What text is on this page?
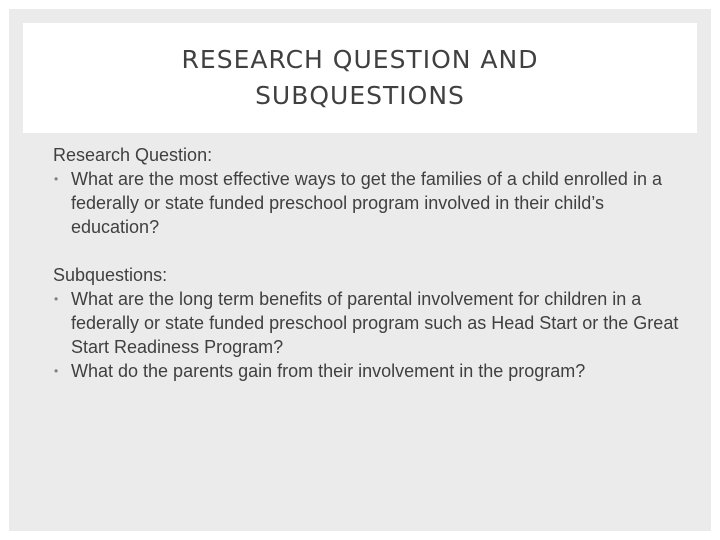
RESEARCH QUESTION AND SUBQUESTIONS

Research Question:

• What are the most effective ways to get the families of a child enrolled in a federally or state funded preschool program involved in their child’s education?

Subquestions:

• What are the long term benefits of parental involvement for children in a federally or state funded preschool program such as Head Start or the Great Start Readiness Program?
• What do the parents gain from their involvement in the program?
